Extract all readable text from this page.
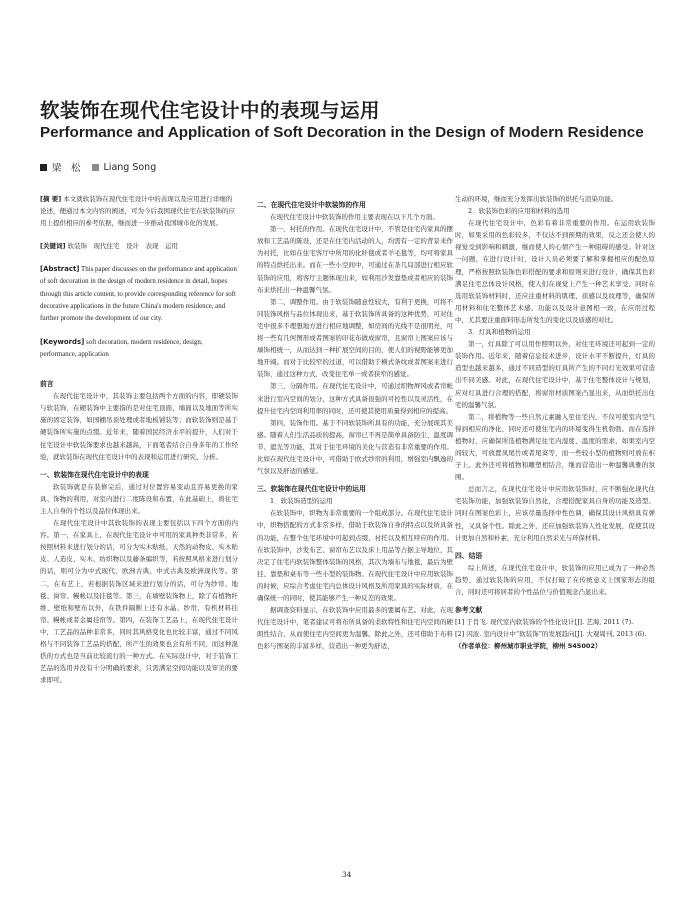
软装饰在现代住宅设计中的表现与运用
Performance and Application of Soft Decoration in the Design of Modern Residence
梁　松 Liang Song

[摘 要] 本文就软装饰在现代住宅设计中的表现以及应用进行详细的论述，便通过本文内容的阐述，可为今后我国现代住宅在软装饰的应用上提供相应的参考依据，继而进一步推动我国城市化的发展。

[关键词] 软装饰　现代住宅　设计　表现　运用

[Abstract] This paper discusses on the performance and application of soft decoration in the design of modern residence in detail, hopes through this article content, to provide corresponding reference for soft decorative applications in the future China's modern residence, and further promote the development of our city.

[Keywords] soft decoration, modern residence, design, performance, application

前言

在现代住宅设计中，其装饰主要包括两个方面的内容，即硬装饰与软装饰，在硬装饰中主要指的是对住宅顶面、墙面以及地面等所实施的固定装饰，如国棚吊顶处理或者地板铺装等；而软装饰则是基于硬装饰所实施的点缀。近年来，随着国民经济水平的提升，人们对于住宅设计中软装饰要求也越来越高，下面笔者结合自身多年的工作经验，就软装饰在现代住宅设计中的表现和运用进行研究、分析。

一、软装饰在现代住宅设计中的表现

软装饰就是在装修完后，通过对位置容易变动且容易更换的家具、饰物的利用，对室内进行二度陈设和布置，在此基础上，将住宅主人自身的个性以及品位体现出来。

在现代住宅设计中其软装饰的表现主要包括以下四个方面的内容。第一，在家具上，在现代住宅设计中可用的家具种类非常多，若按照材料来进行划分的话，可分为实木贴纸、天然的动物皮、实木贴皮、人造皮、实木、纺织物以及藤条编织等，若按照风格来进行划分的话，则可分为中式现代、欧洲古典、中式古典及欧洲现代等。第二，在布艺上，若根据装饰区域来进行划分的话，可分为纱帘、地毯、窗帘、幔帐以及挂毯等。第三，在墙壁装饰物上，除了有植物纤维、壁纸和壁布以外，在铁件隔断上还有水晶、纱帘、有机材料挂帘、幔帐或者金属挂帘等。第四，在装饰工艺品上，在现代住宅设计中，工艺品的品种非常多，同时其风格变化也比较丰富，通过不同风格与不同装饰工艺品的搭配，所产生的效果也会有所不同，而这种混搭的方式也是当前比较流行的一种方式。在实际设计中，对于装饰工艺品的选用并没有十分明确的要求，只需满足空间功能以及审美的要求即可。

二、在现代住宅设计中软装饰的作用

在现代住宅设计中软装饰的作用主要表现在以下几个方面。

第一，衬托的作用。在现代住宅设计中，不管是住宅内家具的摆放和工艺品的陈设，还是在住宅内活动的人，均需有一定的背景来作为衬托，比如在住宅客厅中所用的化纤毯或者羊毛毯等，均可将家具的特点烘托出来。而在一些小空间中，可通过在茶几局部进行相应软装饰的应用，将客厅主题体现出来，如利用沙发靠垫或者相应的装饰布来烘托出一种温馨气氛。

第二，调整作用。由于软装饰随意性较大，有利于更换，可将不同装饰风格与品位体现出来，基于软装饰所具备的这种优势，可对住宅中很多不理想地方进行相应地调整，如房间的光线不是很明亮，可将一些有几何图形或者图案的印花布做成窗帘，且窗帘上图案应该与墙饰相统一，从而达到一种扩展空间的目的，使人们的视野能够更加地开阔。而对于比较窄的过道，可以借助于横式条纹或者图案来进行装饰，通过这种方式，改变住宅单一或者狭窄的感觉。

第三，分隔作用。在现代住宅设计中，可通过织物屏风或者帘帐来进行室内空间的划分，这种方式具备很强的可控性以及灵活性，在提升住宅内空间利用率的同时，还可使其使用质量得到相应的提高。

第四，装饰作用。基于不同软装饰所具有的功能，充分展现其美感。随着人们生活品质的提高，窗帘已不再是简单具备防尘、温度调节、遮光等功能，其对于住宅环境的美化与营造有非常重要的作用。比如在现代住宅设计中，可借助于欧式纱帘的利用，增强室内飘逸的气氛以及舒适的感觉。

三、软装饰在现代住宅设计中的运用

1．软装饰造型的运用

在软装饰中，织物为非常重要的一个组成部分。在现代住宅设计中，织物搭配的方式非常多样，借助于软装饰自身的特点以及所具备的功能，在整个住宅环境中可起到点缀、衬托以及相互呼应的作用。在软装饰中，沙发布艺、窗帘布艺以及床上用品等占据主导地位，其决定了住宅内软装饰整体装饰的风格，其次为墙布与地毯，最后为壁挂、靠垫和桌布等一些小型的装饰物。在现代住宅设计中应用软装饰的时候，应综合考虑住宅内总体设计风格及所用家具的实际材质，在确保统一的同时，使其能够产生一种反差的效果。

据调查资料显示，在软装饰中应用最多的要属布艺。对此，在现代住宅设计中，笔者建议可将布所具备的柔软特性和住宅内空间的硬朗性结合，从而使住宅内空间更为温馨。除此之外，还可借助于布料色彩与图案的丰富多样，营造出一种更为舒适、

生动的环境，继而充分发挥出软装饰的烘托与渲染功能。

2．软装饰色彩的应用和材料的选用

在现代住宅设计中，色彩有着非常重要的作用。在运用软装饰时，如果采用的色彩较多，不仅达不到预期的效果，反之还会使人的视觉受到影响和刺激，继而使人的心情产生一种阻碍的感受。针对这一问题，在进行设计时，设计人员必须要了解和掌握相应的配色原理，严格按照软装饰色彩搭配的要求和原则来进行设计，确保其色彩满足住宅总体设计风格，使人们在视觉上产生一种艺术享受。同时在选用软装饰材料时，还应注重材料的肌理、质感以及纹理等，确保所用材料和住宅整体艺术感、功能以及设计意图相一致，在应用过程中，尤其要注重面料形态所发生的变化以及质感的对比。

3．灯具和植物的运用

第一，灯具除了可以用作照明以外，对住宅环境还可起到一定的装饰作用。近年来，随着信息技术进步，设计水平不断提升，灯具的造型也越来越多，通过不同造型的灯具所产生的不同灯光效果可营造出不同美感。对此，在现代住宅设计中，基于住宅整体设计与规划，应对灯具进行合理的搭配，将窗帘材质图案凸显出来，从而烘托出住宅的温馨气氛。

第二，将植物等一些自然元素融入至住宅内，不仅可使室内空气得到相应的净化，同时还可使住宅内的环境变得生机勃勃。而在选择植物时，应确保所选植物满足住宅内湿度、温度的需求，如果室内空间较大，可放置凤尾竹或者尾葵等，而一些较小型的植物则可放在柜子上。此外还可将植物和雕塑相结合，继而营造出一种温馨典雅的氛围。

总而言之，在现代住宅设计中应用软装饰时，应不断强化现代住宅装饰功能，加强软装饰自然化，合理搭配家具自身的功能及造型。同时在图案色彩上，应该尽量选择中性色调，确保其设计风格具有弹性，又具备个性。除此之外，还应加强软装饰人性化发展，促使其设计更加自然和朴素，充分利用自然采光与环保材料。

四、结语

综上所述，在现代住宅设计中，软装饰的应用已成为了一种必然趋势，通过软装饰的应用，不仅打破了在传统意义上国家形态的组合，同时还可将居者的个性品位与价值观念凸显出来。

参考文献

[1] 于肖飞. 现代室内软装饰的个性化设计[J]. 艺海, 2011 (7).

[2] 闪波. 室内设计中“软装饰”的发展趋向[J]. 大观周刊, 2013 (6).

（作者单位：柳州城市职业学院，柳州 545002）

34
